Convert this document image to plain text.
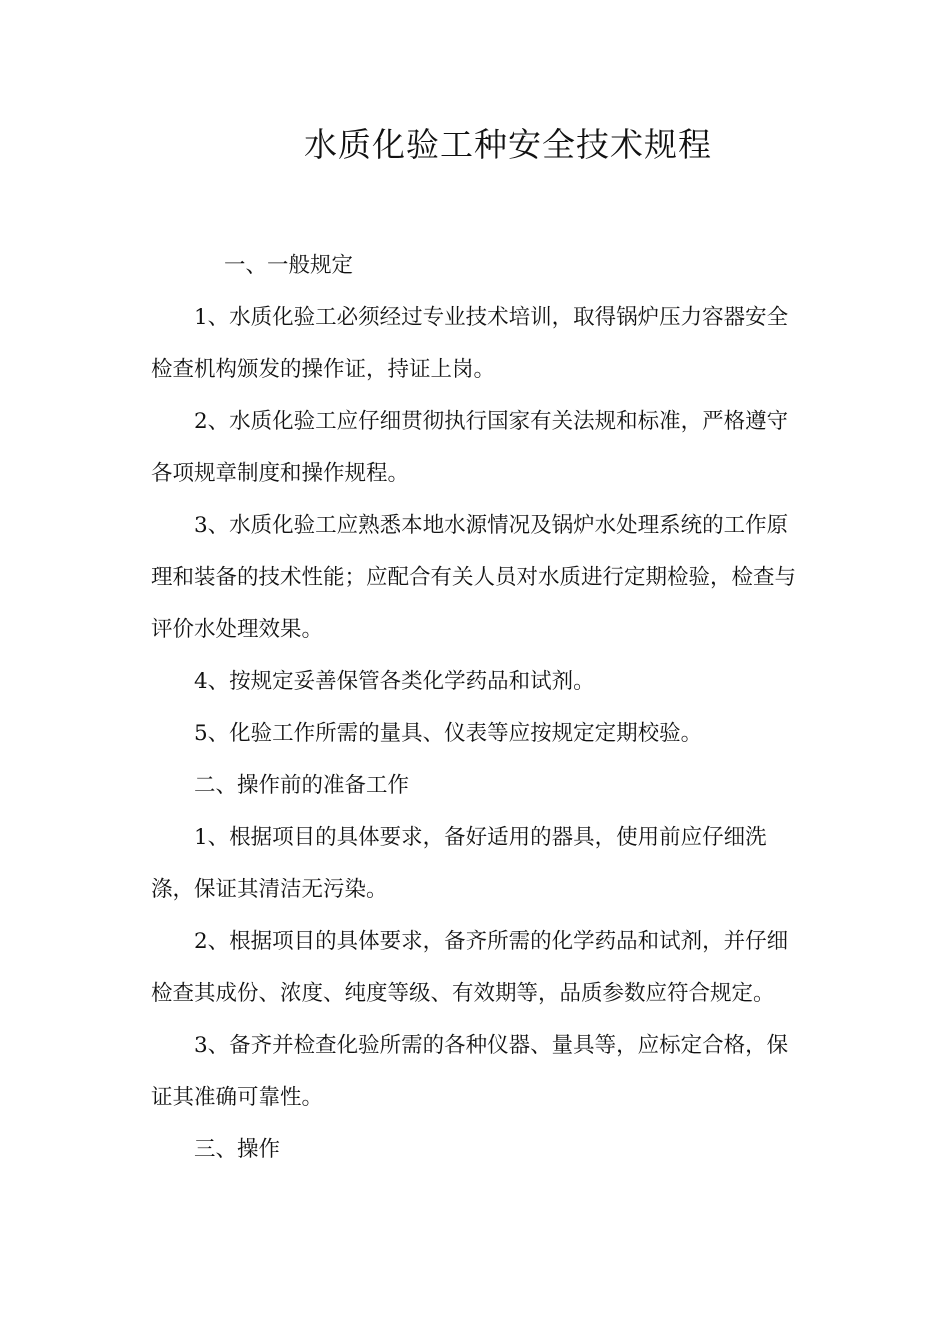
水质化验工种安全技术规程

一、一般规定

1、水质化验工必须经过专业技术培训，取得锅炉压力容器安全检查机构颁发的操作证，持证上岗。

2、水质化验工应仔细贯彻执行国家有关法规和标准，严格遵守各项规章制度和操作规程。

3、水质化验工应熟悉本地水源情况及锅炉水处理系统的工作原理和装备的技术性能；应配合有关人员对水质进行定期检验，检查与评价水处理效果。

4、按规定妥善保管各类化学药品和试剂。

5、化验工作所需的量具、仪表等应按规定定期校验。

二、操作前的准备工作

1、根据项目的具体要求，备好适用的器具，使用前应仔细洗涤，保证其清洁无污染。

2、根据项目的具体要求，备齐所需的化学药品和试剂，并仔细检查其成份、浓度、纯度等级、有效期等，品质参数应符合规定。

3、备齐并检查化验所需的各种仪器、量具等，应标定合格，保证其准确可靠性。

三、操作
